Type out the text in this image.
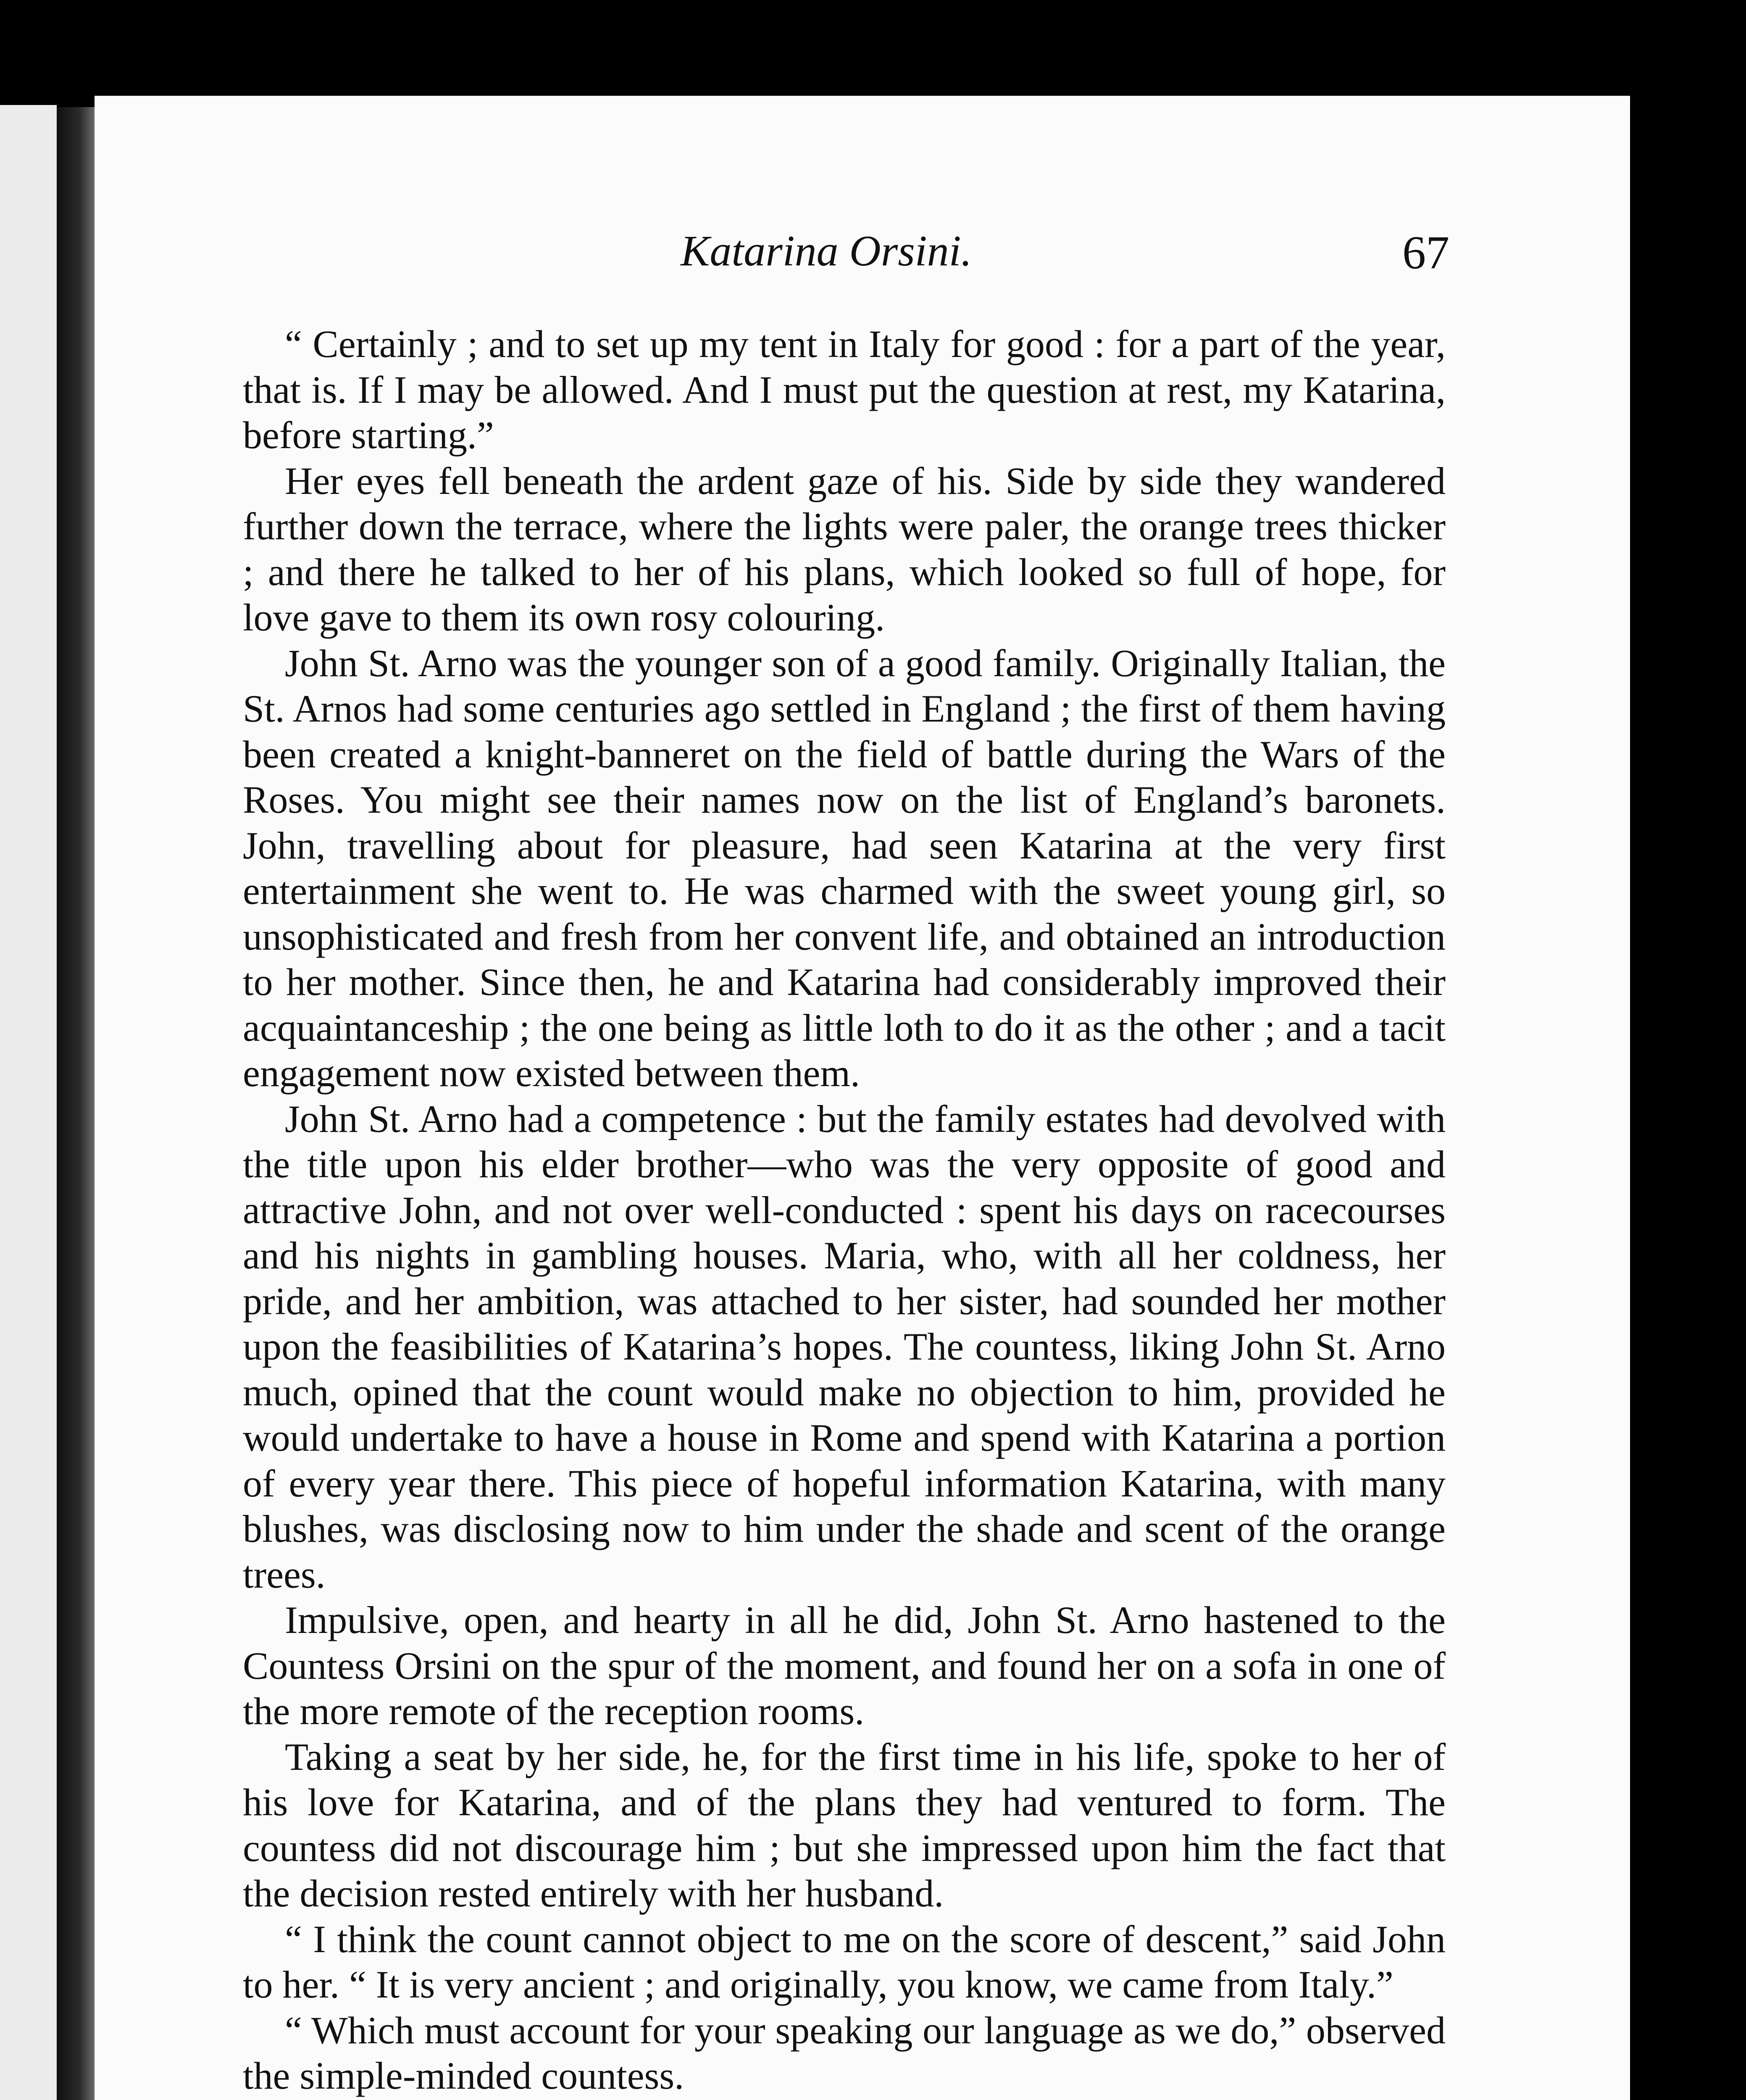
Katarina Orsini.	67

“ Certainly ; and to set up my tent in Italy for good : for a part of the year, that is. If I may be allowed. And I must put the question at rest, my Katarina, before starting.”

Her eyes fell beneath the ardent gaze of his. Side by side they wandered further down the terrace, where the lights were paler, the orange trees thicker ; and there he talked to her of his plans, which looked so full of hope, for love gave to them its own rosy colouring.

John St. Arno was the younger son of a good family. Originally Italian, the St. Arnos had some centuries ago settled in England ; the first of them having been created a knight-banneret on the field of battle during the Wars of the Roses. You might see their names now on the list of England’s baronets. John, travelling about for pleasure, had seen Katarina at the very first entertainment she went to. He was charmed with the sweet young girl, so unsophisticated and fresh from her convent life, and obtained an introduction to her mother. Since then, he and Katarina had considerably improved their acquaintanceship ; the one being as little loth to do it as the other ; and a tacit engagement now existed between them.

John St. Arno had a competence : but the family estates had devolved with the title upon his elder brother—who was the very opposite of good and attractive John, and not over well-conducted : spent his days on racecourses and his nights in gambling houses. Maria, who, with all her coldness, her pride, and her ambition, was attached to her sister, had sounded her mother upon the feasibilities of Katarina’s hopes. The countess, liking John St. Arno much, opined that the count would make no objection to him, provided he would undertake to have a house in Rome and spend with Katarina a portion of every year there. This piece of hopeful information Katarina, with many blushes, was disclosing now to him under the shade and scent of the orange trees.

Impulsive, open, and hearty in all he did, John St. Arno hastened to the Countess Orsini on the spur of the moment, and found her on a sofa in one of the more remote of the reception rooms.

Taking a seat by her side, he, for the first time in his life, spoke to her of his love for Katarina, and of the plans they had ventured to form. The countess did not discourage him ; but she impressed upon him the fact that the decision rested entirely with her husband.

“ I think the count cannot object to me on the score of descent,” said John to her. “ It is very ancient ; and originally, you know, we came from Italy.”

“ Which must account for your speaking our language as we do,” observed the simple-minded countess.
